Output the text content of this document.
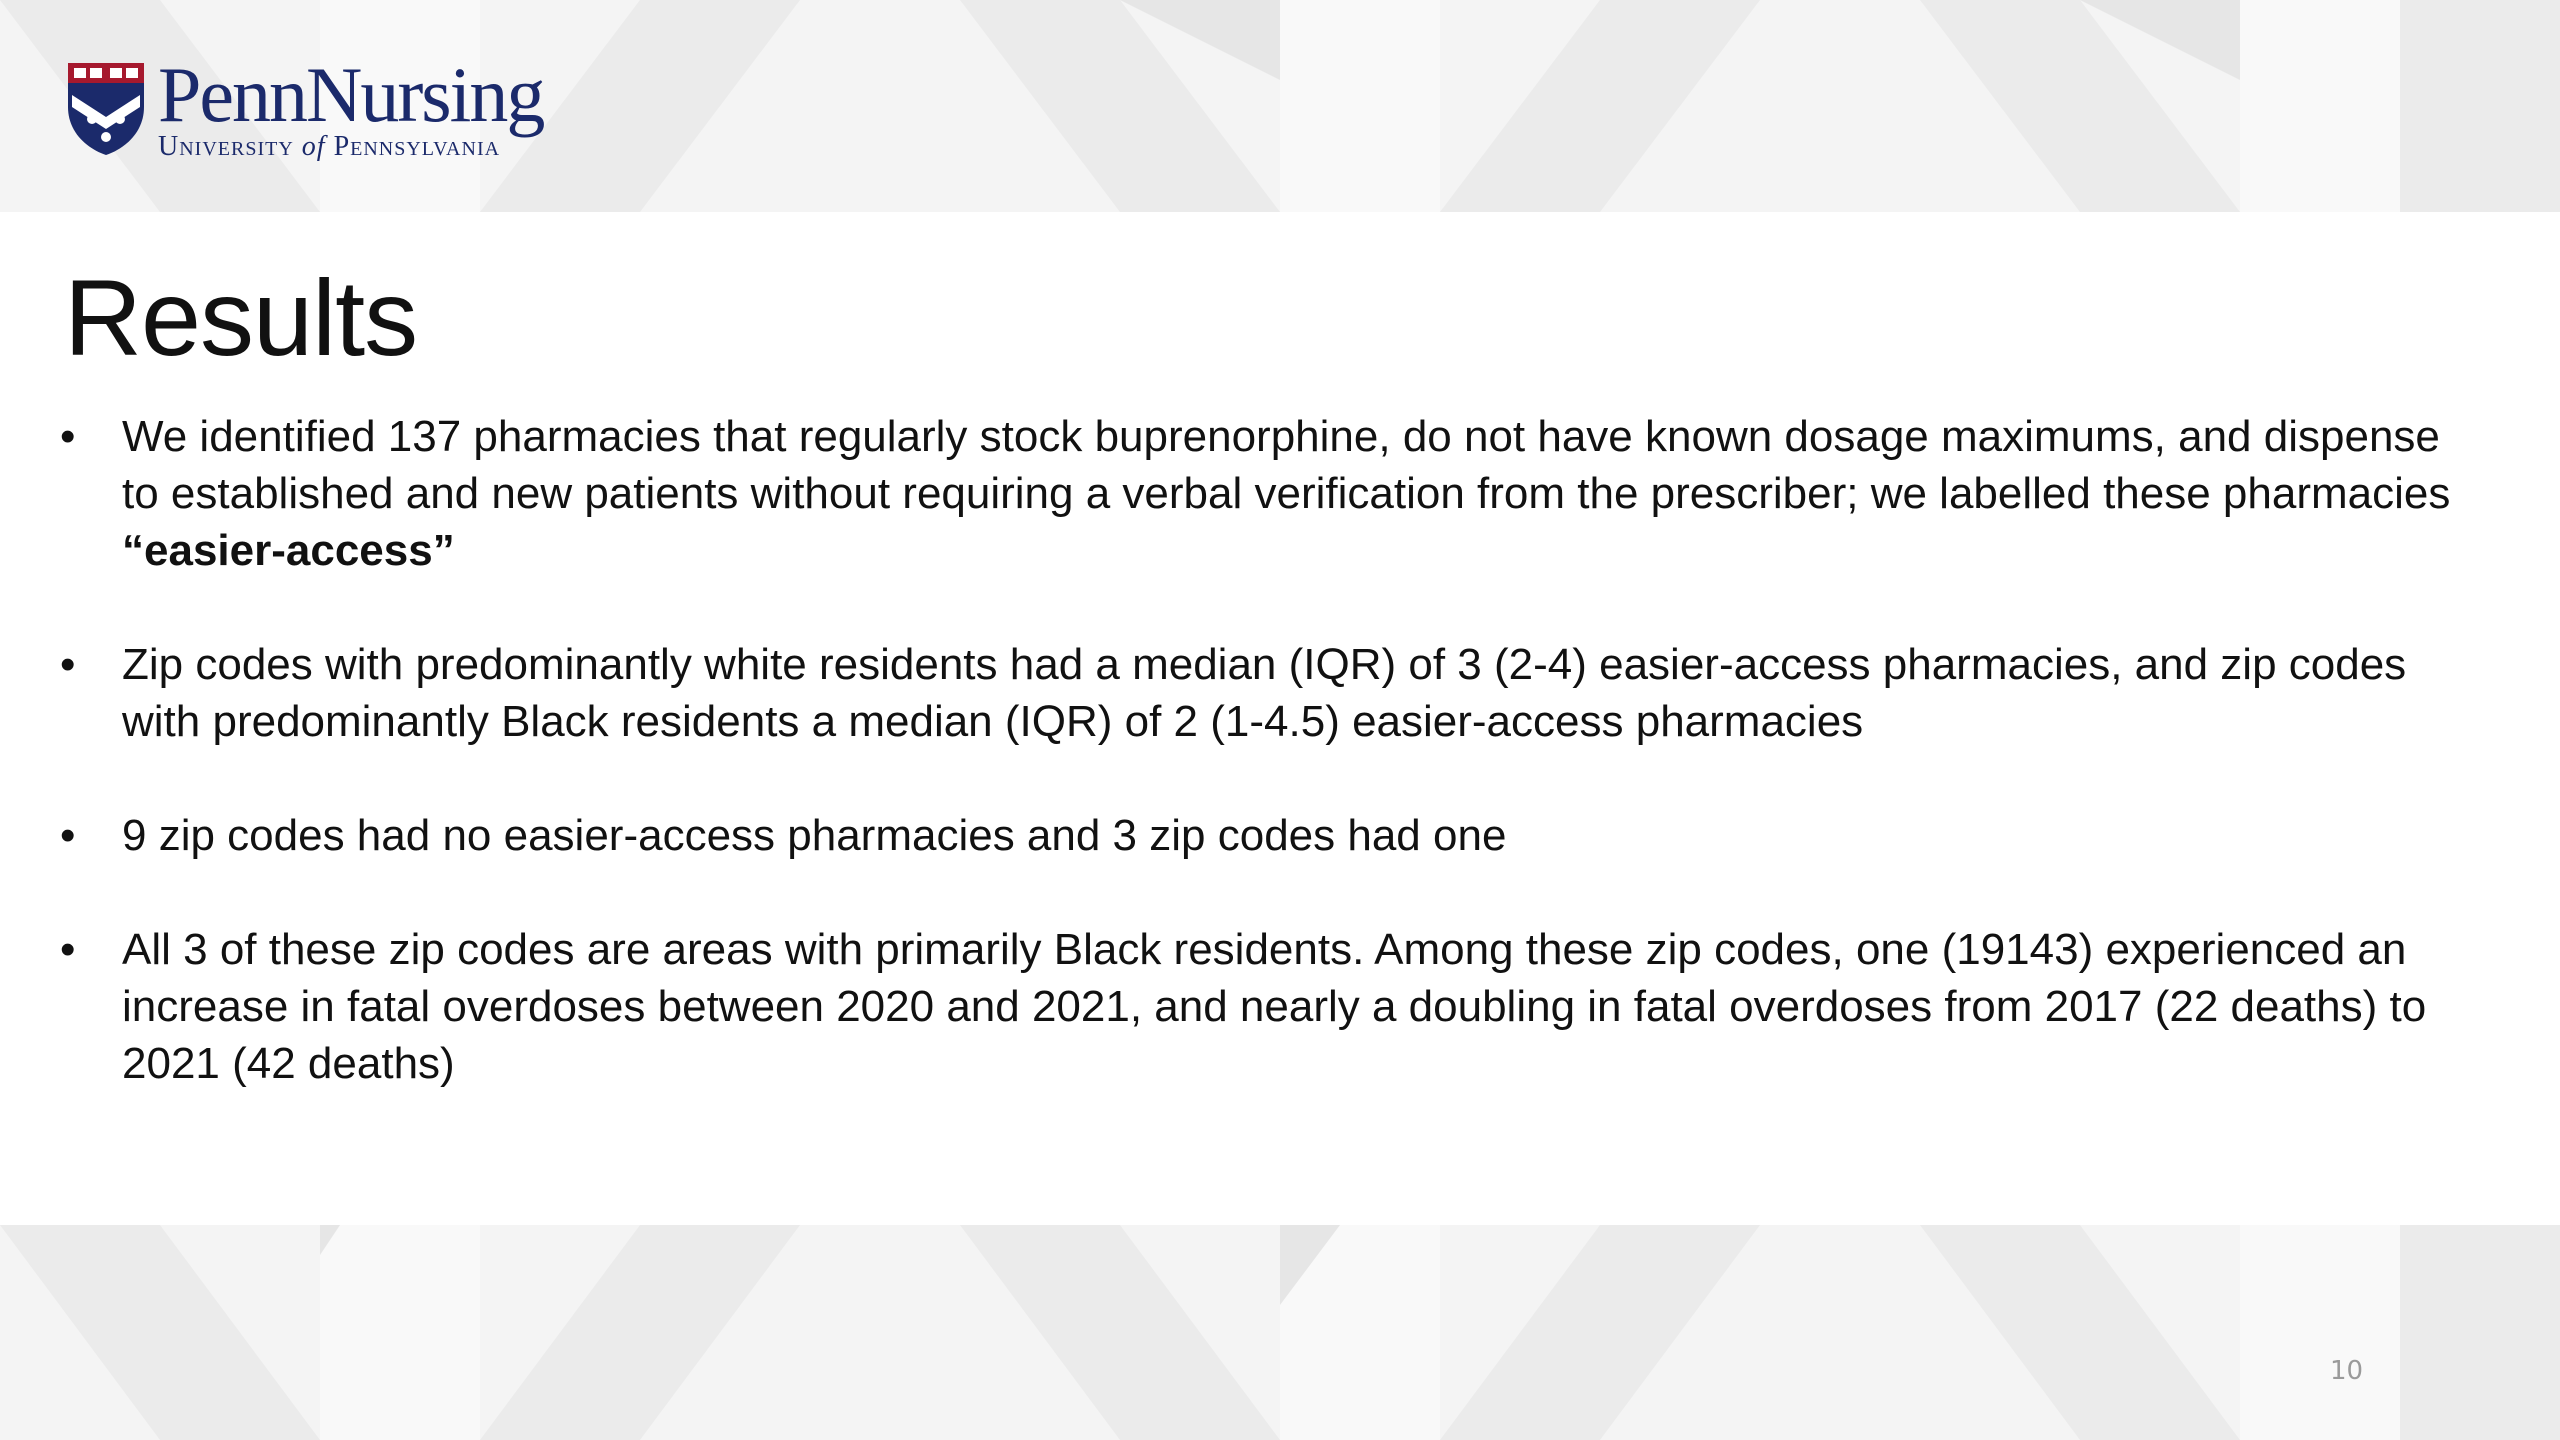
PennNursing
University of Pennsylvania
Results
•	We identified 137 pharmacies that regularly stock buprenorphine, do not have known dosage maximums, and dispense to established and new patients without requiring a verbal verification from the prescriber; we labelled these pharmacies “easier-access”
•	Zip codes with predominantly white residents had a median (IQR) of 3 (2-4) easier-access pharmacies, and zip codes with predominantly Black residents a median (IQR) of 2 (1-4.5) easier-access pharmacies
•	9 zip codes had no easier-access pharmacies and 3 zip codes had one
•	All 3 of these zip codes are areas with primarily Black residents. Among these zip codes, one (19143) experienced an increase in fatal overdoses between 2020 and 2021, and nearly a doubling in fatal overdoses from 2017 (22 deaths) to 2021 (42 deaths)
10
